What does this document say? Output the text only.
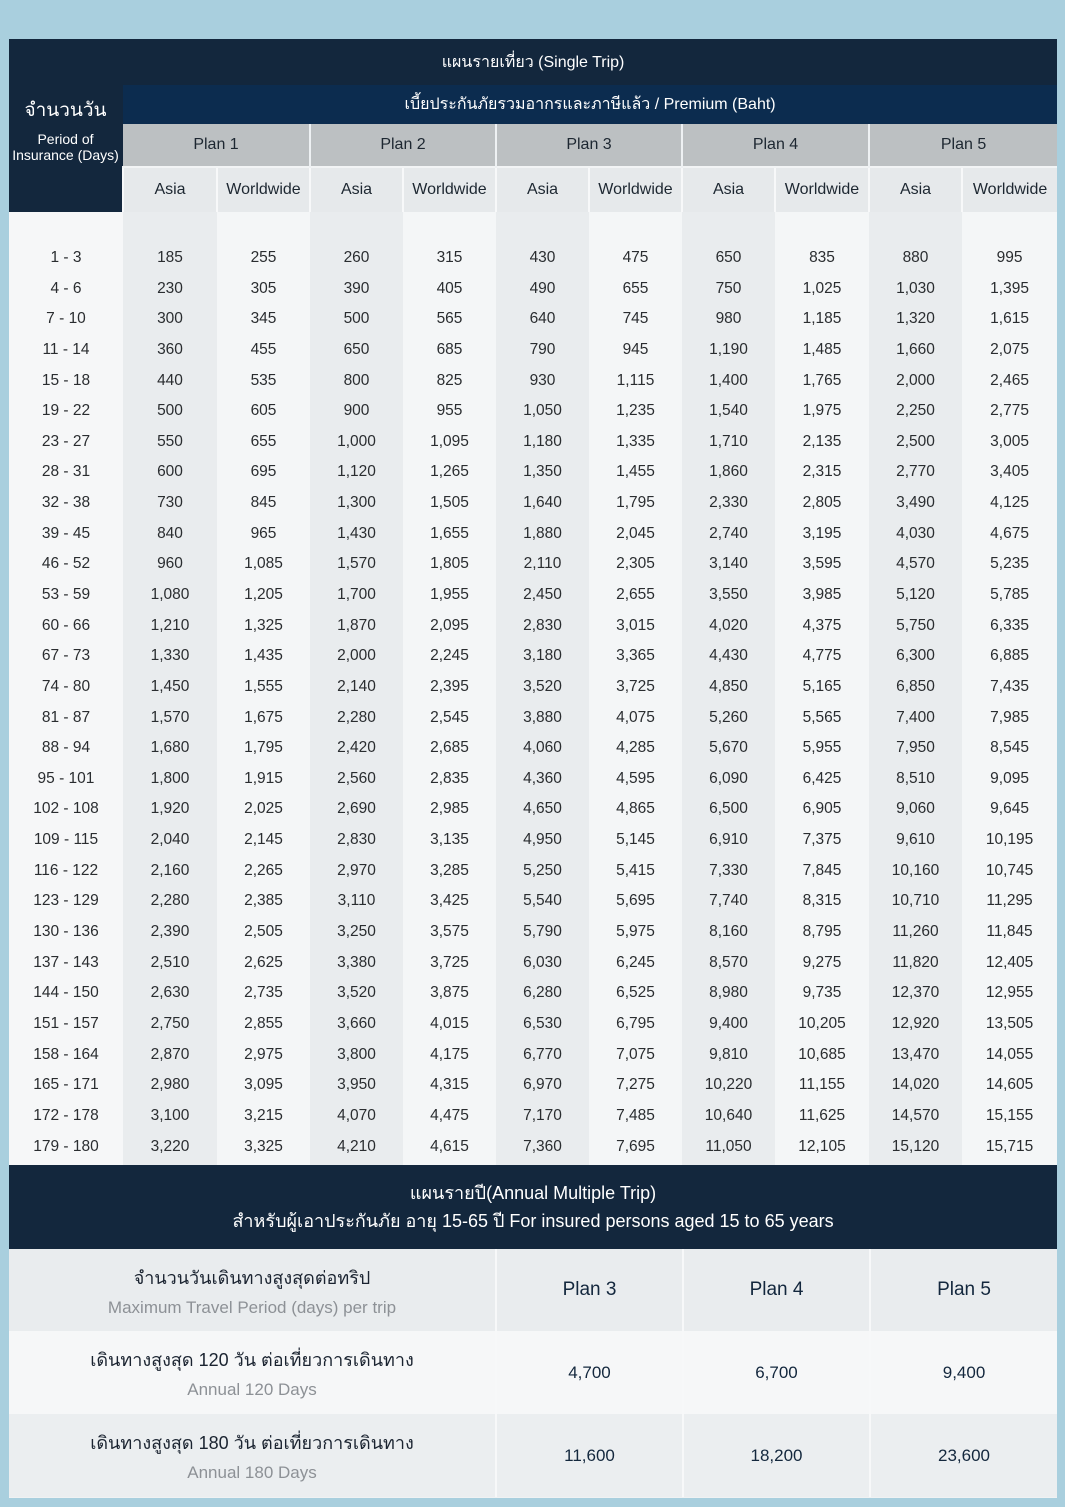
แผนรายเที่ยว (Single Trip)										

จำนวนวัน
Period of Insurance (Days)	เบี้ยประกันภัยรวมอากรและภาษีแล้ว / Premium (Baht)									
	Plan 1		Plan 2		Plan 3		Plan 4		Plan 5	
	Asia	Worldwide	Asia	Worldwide	Asia	Worldwide	Asia	Worldwide	Asia	Worldwide

1 - 3	185	255	260	315	430	475	650	835	880	995
4 - 6	230	305	390	405	490	655	750	1,025	1,030	1,395
7 - 10	300	345	500	565	640	745	980	1,185	1,320	1,615
11 - 14	360	455	650	685	790	945	1,190	1,485	1,660	2,075
15 - 18	440	535	800	825	930	1,115	1,400	1,765	2,000	2,465
19 - 22	500	605	900	955	1,050	1,235	1,540	1,975	2,250	2,775
23 - 27	550	655	1,000	1,095	1,180	1,335	1,710	2,135	2,500	3,005
28 - 31	600	695	1,120	1,265	1,350	1,455	1,860	2,315	2,770	3,405
32 - 38	730	845	1,300	1,505	1,640	1,795	2,330	2,805	3,490	4,125
39 - 45	840	965	1,430	1,655	1,880	2,045	2,740	3,195	4,030	4,675
46 - 52	960	1,085	1,570	1,805	2,110	2,305	3,140	3,595	4,570	5,235
53 - 59	1,080	1,205	1,700	1,955	2,450	2,655	3,550	3,985	5,120	5,785
60 - 66	1,210	1,325	1,870	2,095	2,830	3,015	4,020	4,375	5,750	6,335
67 - 73	1,330	1,435	2,000	2,245	3,180	3,365	4,430	4,775	6,300	6,885
74 - 80	1,450	1,555	2,140	2,395	3,520	3,725	4,850	5,165	6,850	7,435
81 - 87	1,570	1,675	2,280	2,545	3,880	4,075	5,260	5,565	7,400	7,985
88 - 94	1,680	1,795	2,420	2,685	4,060	4,285	5,670	5,955	7,950	8,545
95 - 101	1,800	1,915	2,560	2,835	4,360	4,595	6,090	6,425	8,510	9,095
102 - 108	1,920	2,025	2,690	2,985	4,650	4,865	6,500	6,905	9,060	9,645
109 - 115	2,040	2,145	2,830	3,135	4,950	5,145	6,910	7,375	9,610	10,195
116 - 122	2,160	2,265	2,970	3,285	5,250	5,415	7,330	7,845	10,160	10,745
123 - 129	2,280	2,385	3,110	3,425	5,540	5,695	7,740	8,315	10,710	11,295
130 - 136	2,390	2,505	3,250	3,575	5,790	5,975	8,160	8,795	11,260	11,845
137 - 143	2,510	2,625	3,380	3,725	6,030	6,245	8,570	9,275	11,820	12,405
144 - 150	2,630	2,735	3,520	3,875	6,280	6,525	8,980	9,735	12,370	12,955
151 - 157	2,750	2,855	3,660	4,015	6,530	6,795	9,400	10,205	12,920	13,505
158 - 164	2,870	2,975	3,800	4,175	6,770	7,075	9,810	10,685	13,470	14,055
165 - 171	2,980	3,095	3,950	4,315	6,970	7,275	10,220	11,155	14,020	14,605
172 - 178	3,100	3,215	4,070	4,475	7,170	7,485	10,640	11,625	14,570	15,155
179 - 180	3,220	3,325	4,210	4,615	7,360	7,695	11,050	12,105	15,120	15,715

แผนรายปี(Annual Multiple Trip)
สำหรับผู้เอาประกันภัย อายุ 15-65 ปี For insured persons aged 15 to 65 years			

จำนวนวันเดินทางสูงสุดต่อทริป
Maximum Travel Period (days) per trip	Plan 3	Plan 4	Plan 5

เดินทางสูงสุด 120 วัน ต่อเที่ยวการเดินทาง
Annual 120 Days	4,700	6,700	9,400

เดินทางสูงสุด 180 วัน ต่อเที่ยวการเดินทาง
Annual 180 Days	11,600	18,200	23,600
